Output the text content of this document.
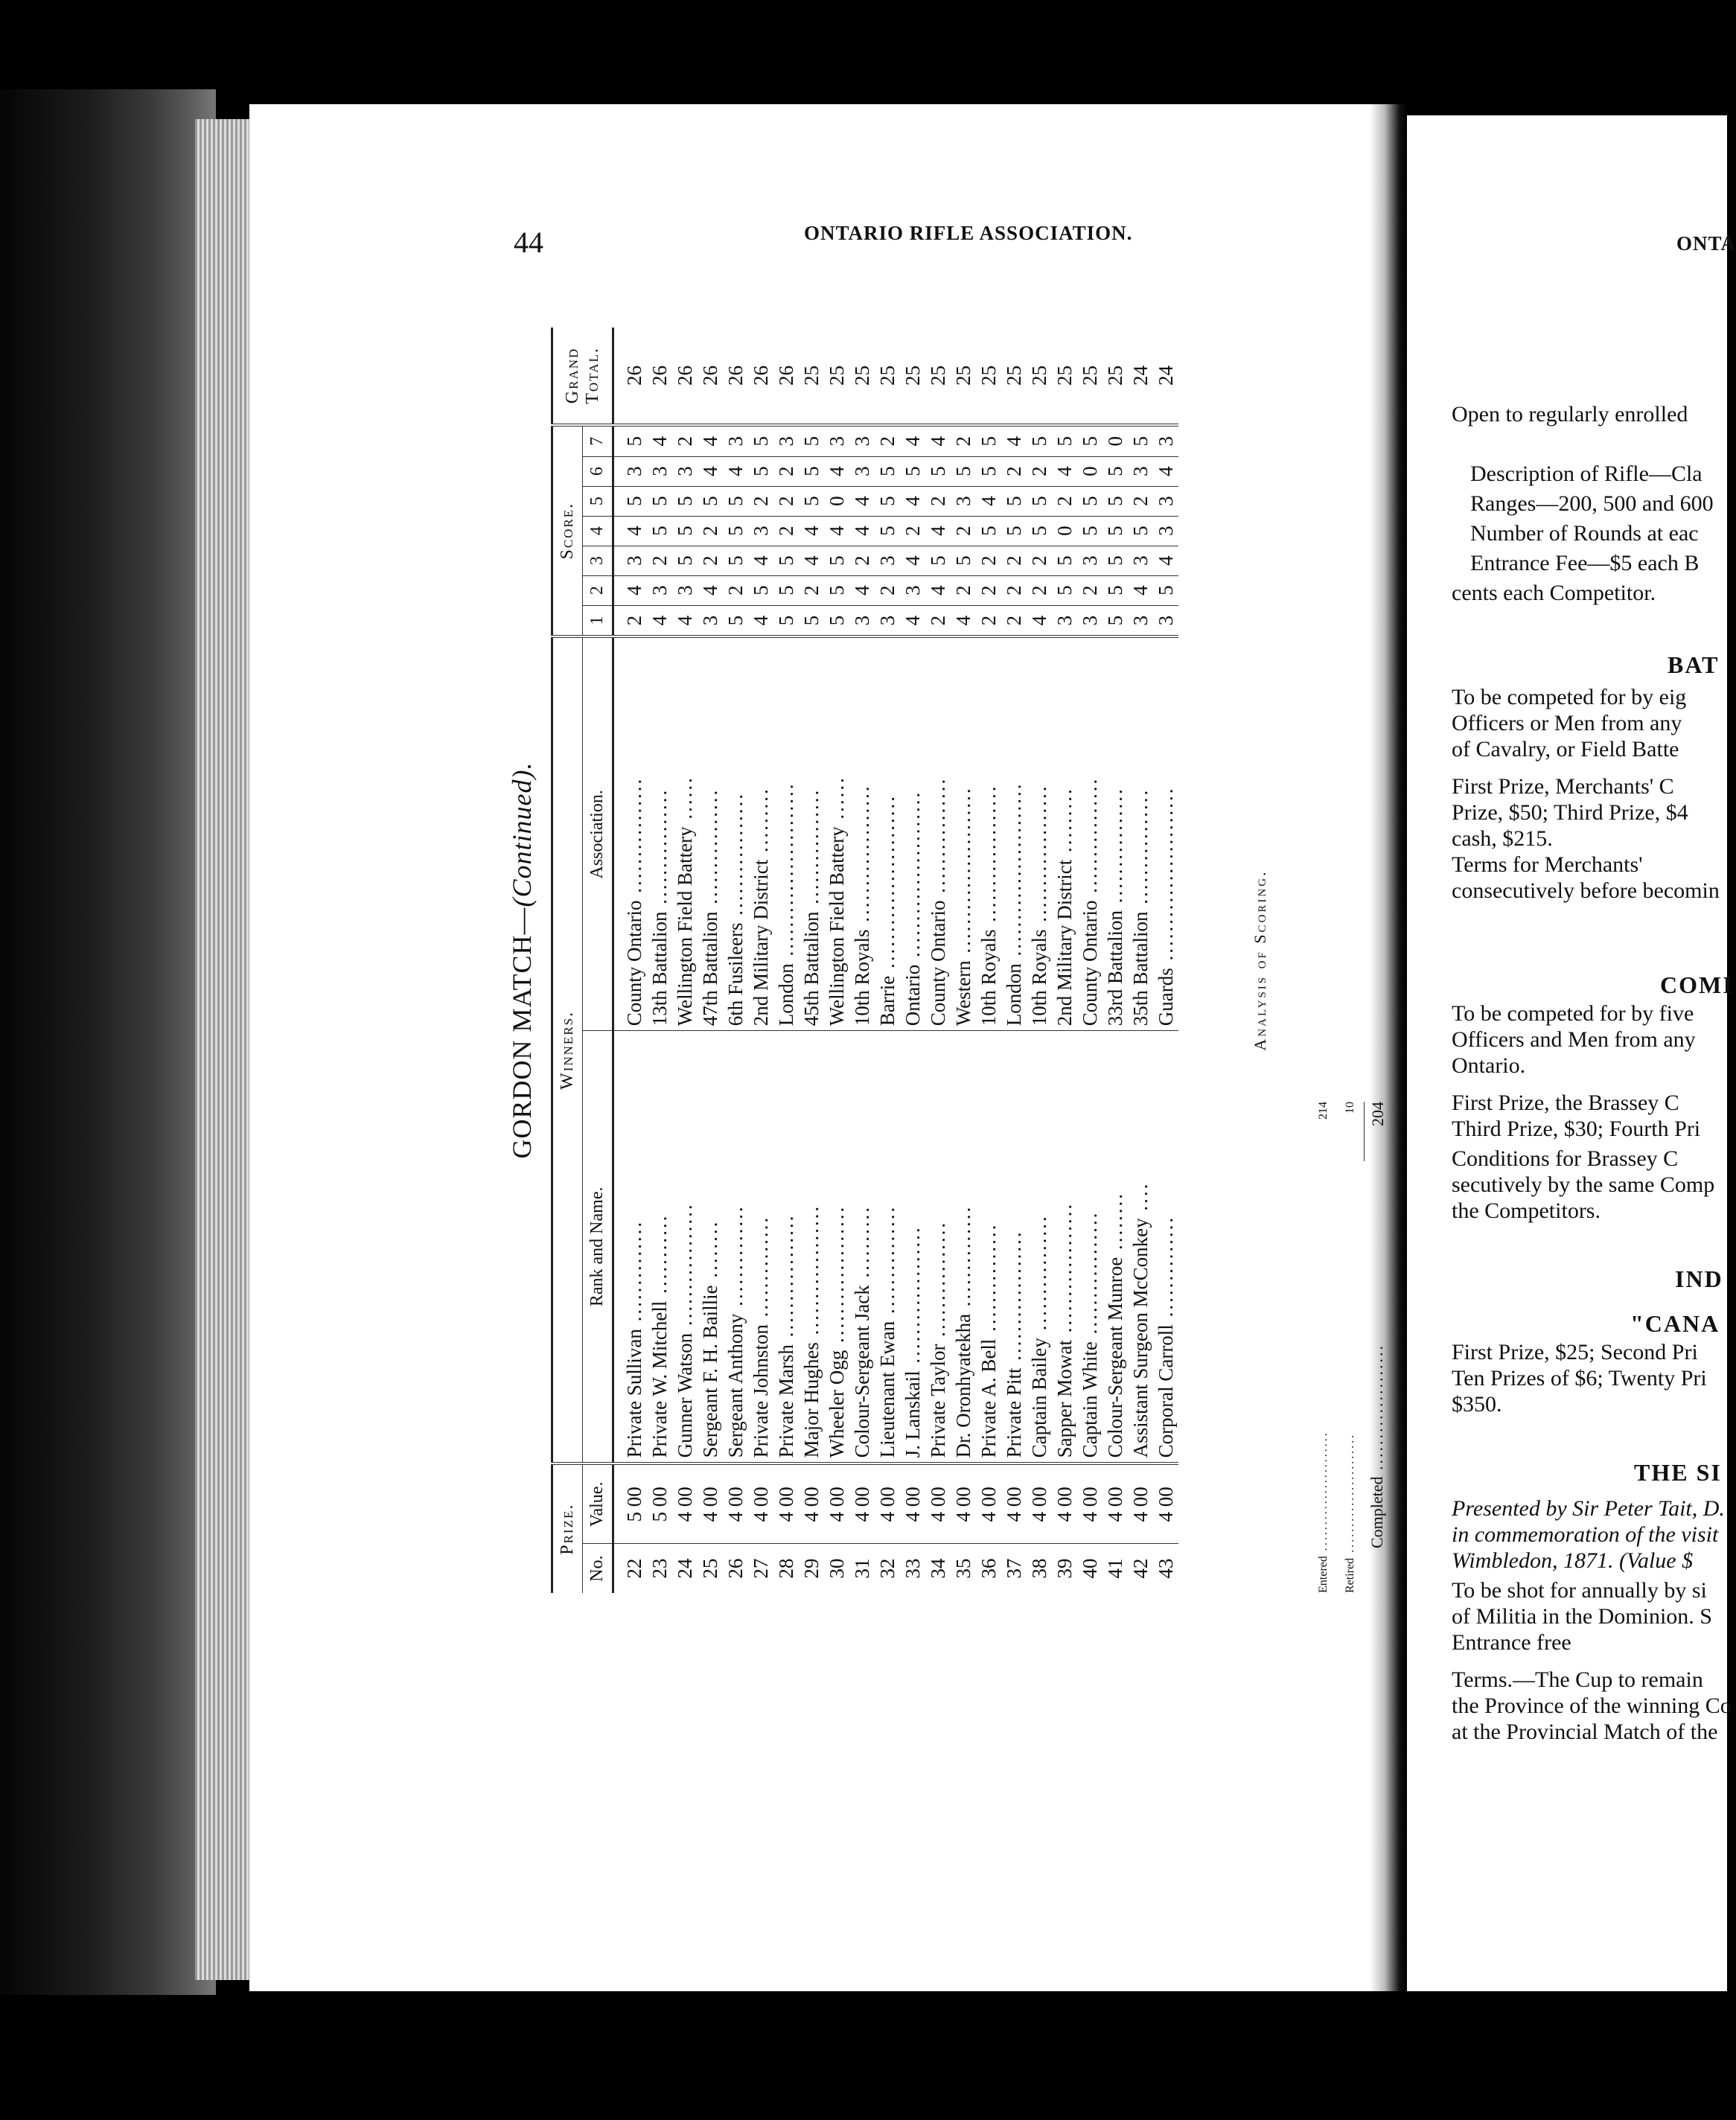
44	ONTARIO RIFLE ASSOCIATION.	ONTA
GORDON MATCH—(Continued).
Prize.		Winners.		Score.							Grand Total.

No.	Value.	Rank and Name.	Association.	1	2	3	4	5	6	7	
22	5 00	Private Sullivan ..............	County Ontario ................	2	4	3	4	5	3	5	26
23	5 00	Private W. Mitchell ...........	13th Battalion ................	4	3	2	5	5	3	4	26
24	4 00	Gunner Watson .................	Wellington Field Battery ......	4	3	5	5	5	3	2	26
25	4 00	Sergeant F. H. Baillie ........	47th Battalion ................	3	4	2	2	5	4	4	26
26	4 00	Sergeant Anthony ..............	6th Fusileers .................	5	2	5	5	5	4	3	26
27	4 00	Private Johnston ..............	2nd Military District .........	4	5	4	3	2	5	5	26
28	4 00	Private Marsh .................	London ........................	5	5	5	2	2	2	3	26
29	4 00	Major Hughes ..................	45th Battalion ................	5	2	4	4	5	5	5	25
30	4 00	Wheeler Ogg ...................	Wellington Field Battery ......	5	5	5	4	0	4	3	25
31	4 00	Colour-Sergeant Jack ..........	10th Royals ...................	3	4	2	4	4	3	3	25
32	4 00	Lieutenant Ewan ...............	Barrie ........................	3	2	3	5	5	5	2	25
33	4 00	J. Lanskail ...................	Ontario .......................	4	3	4	2	4	5	4	25
34	4 00	Private Taylor ................	County Ontario ................	2	4	5	4	2	5	4	25
35	4 00	Dr. Oronhyatekha ..............	Western .......................	4	2	5	2	3	5	2	25
36	4 00	Private A. Bell ...............	10th Royals ...................	2	2	2	5	4	5	5	25
37	4 00	Private Pitt ..................	London ........................	2	2	2	5	5	2	4	25
38	4 00	Captain Bailey ................	10th Royals ...................	4	2	2	5	5	2	5	25
39	4 00	Sapper Mowat ..................	2nd Military District .........	3	5	5	0	2	4	5	25
40	4 00	Captain White .................	County Ontario ................	3	2	3	5	5	0	5	25
41	4 00	Colour-Sergeant Munroe ........	33rd Battalion ................	5	5	5	5	5	5	0	25
42	4 00	Assistant Surgeon McConkey ....	35th Battalion ................	3	4	3	5	2	3	5	24
43	4 00	Corporal Carroll ..............	Guards ........................	3	5	4	3	3	4	3	24
Analysis of Scoring.
Entered .......................
214
Retired .......................
10
Completed ....................
204
Open to regularly enrolled
Description of Rifle—Cla
Ranges—200, 500 and 600
Number of Rounds at eac
Entrance Fee—$5 each B
cents each Competitor.
BAT
To be competed for by eig
Officers or Men from any
of Cavalry, or Field Batte
First Prize, Merchants' C
Prize, $50; Third Prize, $4
cash, $215.
Terms for Merchants'
consecutively before becomin
COMI
To be competed for by five
Officers and Men from any
Ontario.
First Prize, the Brassey C
Third Prize, $30; Fourth Pri
Conditions for Brassey C
secutively by the same Comp
the Competitors.
IND
"CANA
First Prize, $25; Second Pri
Ten Prizes of $6; Twenty Pri
$350.
THE SI
Presented by Sir Peter Tait, D.
in commemoration of the visit
Wimbledon, 1871. (Value $
To be shot for annually by si
of Militia in the Dominion. S
Entrance free
Terms.—The Cup to remain
the Province of the winning Co
at the Provincial Match of the
